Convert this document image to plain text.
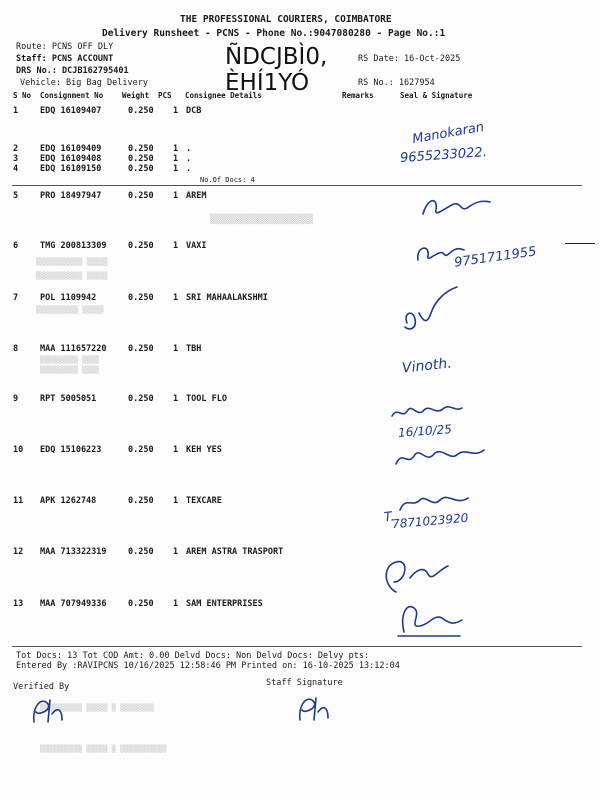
THE PROFESSIONAL COURIERS, COIMBATORE
Delivery Runsheet - PCNS - Phone No.:9047080280 - Page No.:1
ÑDCJBÌ0,
ÈHÍ1YÓ
Route: PCNS OFF DLY
Staff: PCNS ACCOUNT
DRS No.: DCJB162795401
Vehicle: Big Bag Delivery
RS Date: 16-Oct-2025
RS No.: 1627954
S No Consignment No	Weight PCS Consignee Details	Remarks	Seal & Signature
1	EDQ 16109407	0.250 1 DCB
2	EDQ 16109409	0.250 1 .
3	EDQ 16109408	0.250 1 .
4	EDQ 16109150	0.250 1 .
No.Of Docs: 4
5	PRO 18497947	0.250 1 AREM
6	TMG 200813309	0.250 1 VAXI
7	POL 1109942	0.250 1 SRI MAHAALAKSHMI
8	MAA 111657220	0.250 1 TBH
9	RPT 5005051	0.250 1 TOOL FLO
10 EDQ 15106223	0.250 1 KEH YES
11 APK 1262748	0.250 1 TEXCARE
12 MAA 713322319	0.250 1 AREM ASTRA TRASPORT
13 MAA 707949336	0.250 1 SAM ENTERPRISES
▒▒▒▒▒▒▒▒▒▒▒▒▒▒▒▒▒▒▒
▒▒▒▒▒▒▒▒▒▒▒ ▒▒▒▒▒
▒▒▒▒▒▒▒▒▒▒▒ ▒▒▒▒▒
▒▒▒▒▒▒▒▒▒▒ ▒▒▒▒▒
▒▒▒▒▒▒▒▒▒ ▒▒▒▒
▒▒▒▒▒▒▒▒▒ ▒▒▒▒
▒▒▒▒▒▒▒▒▒▒ ▒▒▒▒▒ ▒ ▒▒▒▒▒▒▒▒
▒▒▒▒▒▒▒▒▒▒ ▒▒▒▒▒ ▒ ▒▒▒▒▒▒▒▒▒▒▒
Manokaran
9655233022.
9751711955
Vinoth.
16/10/25
T.
7871023920
Tot Docs: 13 Tot COD Amt: 0.00 Delvd Docs: Non Delvd Docs: Delvy pts:
Entered By :RAVIPCNS 10/16/2025 12:58:46 PM Printed on: 16-10-2025 13:12:04
Verified By	Staff Signature
